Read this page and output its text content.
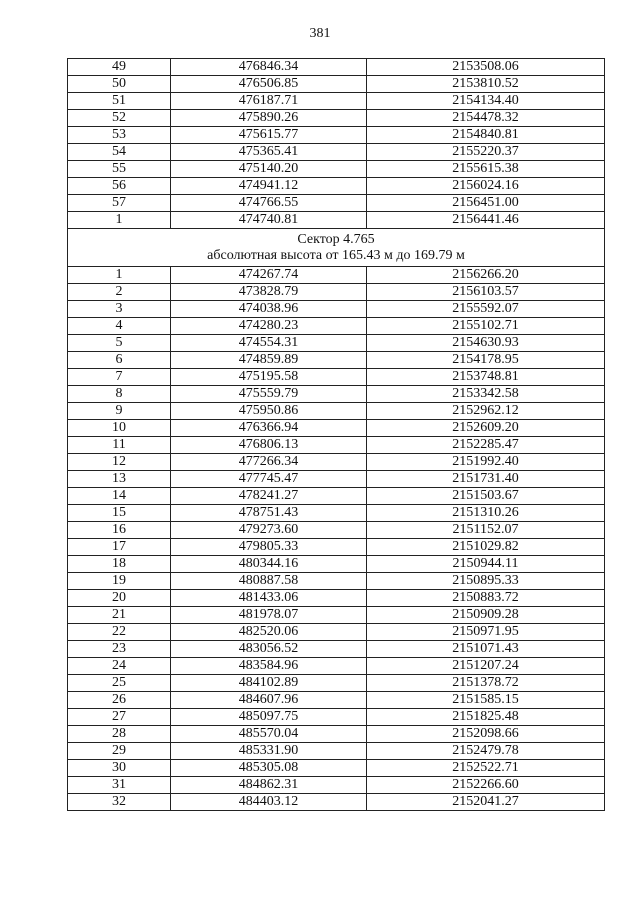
381
49	476846.34	2153508.06
50	476506.85	2153810.52
51	476187.71	2154134.40
52	475890.26	2154478.32
53	475615.77	2154840.81
54	475365.41	2155220.37
55	475140.20	2155615.38
56	474941.12	2156024.16
57	474766.55	2156451.00
1	474740.81	2156441.46

Сектор 4.765
абсолютная высота от 165.43 м до 169.79 м		

1	474267.74	2156266.20
2	473828.79	2156103.57
3	474038.96	2155592.07
4	474280.23	2155102.71
5	474554.31	2154630.93
6	474859.89	2154178.95
7	475195.58	2153748.81
8	475559.79	2153342.58
9	475950.86	2152962.12
10	476366.94	2152609.20
11	476806.13	2152285.47
12	477266.34	2151992.40
13	477745.47	2151731.40
14	478241.27	2151503.67
15	478751.43	2151310.26
16	479273.60	2151152.07
17	479805.33	2151029.82
18	480344.16	2150944.11
19	480887.58	2150895.33
20	481433.06	2150883.72
21	481978.07	2150909.28
22	482520.06	2150971.95
23	483056.52	2151071.43
24	483584.96	2151207.24
25	484102.89	2151378.72
26	484607.96	2151585.15
27	485097.75	2151825.48
28	485570.04	2152098.66
29	485331.90	2152479.78
30	485305.08	2152522.71
31	484862.31	2152266.60
32	484403.12	2152041.27
